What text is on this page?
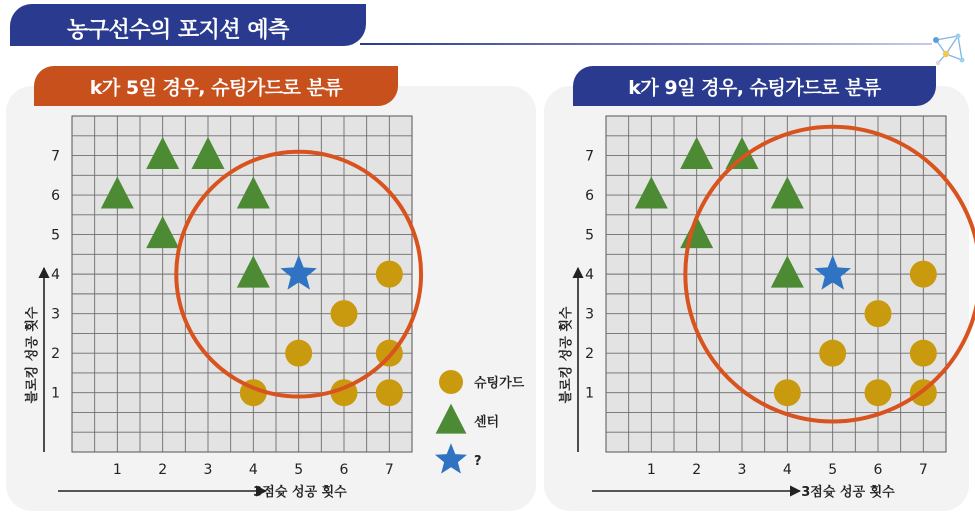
농구선수의 포지션 예측
k가 5일 경우, 슈팅가드로 분류	k가 9일 경우, 슈팅가드로 분류
1	2	3	4	5	6	7
1
2
3
4
5
6
7
3점슛 성공 횟수
블로킹 성공 횟수
1	2	3	4	5	6	7
1
2
3
4
5
6
7
3점슛 성공 횟수
블로킹 성공 횟수
슈팅가드
센터
?
